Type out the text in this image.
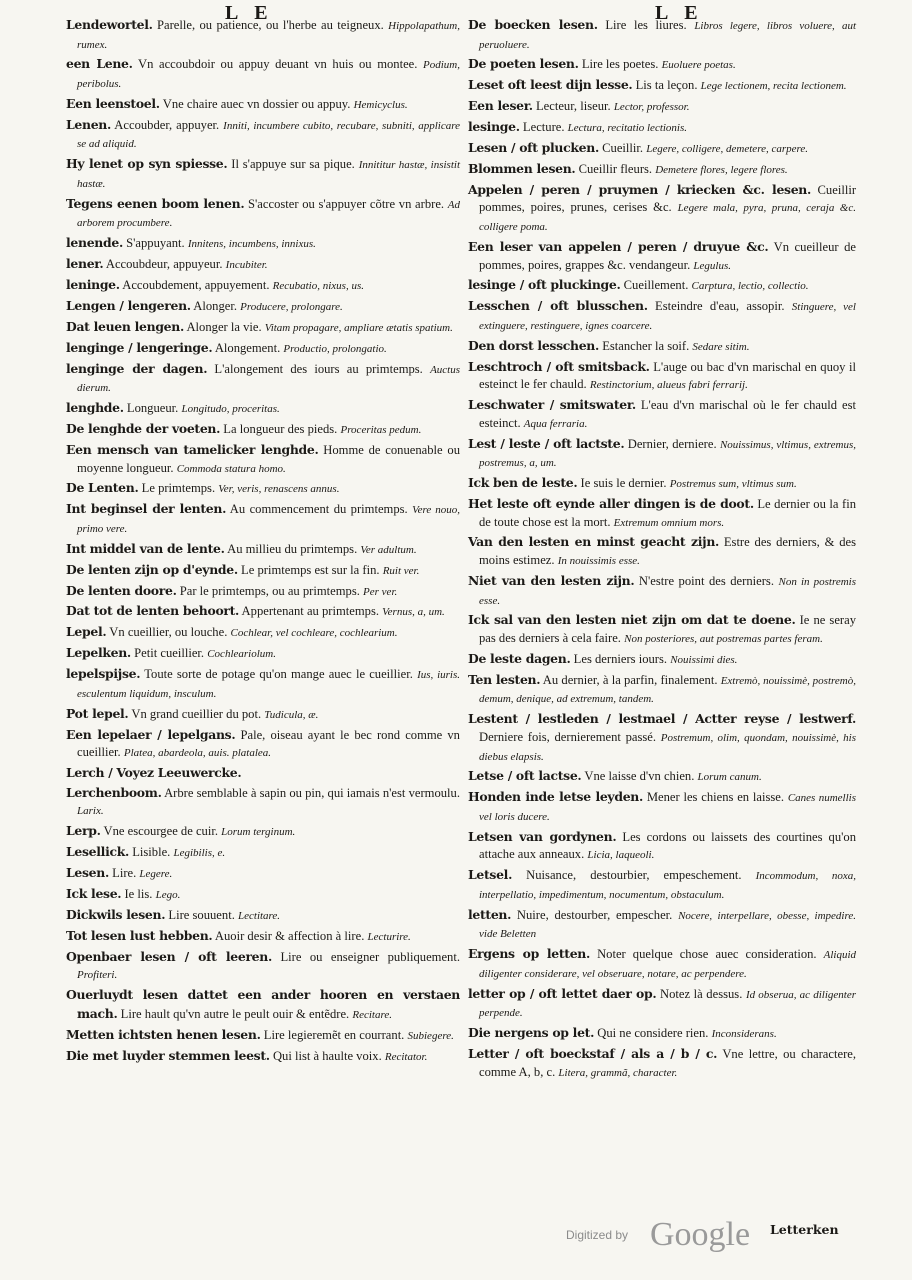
L E	L E

Lendewortel. Parelle, ou patience, ou l'herbe au teigneux. Hippolapathum, rumex.

een Lene. Vn accoubdoir ou appuy deuant vn huis ou montee. Podium, peribolus.

Een leenstoel. Vne chaire auec vn dossier ou appuy. Hemicyclus.

Lenen. Accoubder, appuyer. Inniti, incumbere cubito, recubare, subniti, applicare se ad aliquid.

Hy lenet op syn spiesse. Il s'appuye sur sa pique. Innititur hastæ, insistit hastæ.

Tegens eenen boom lenen. S'accoster ou s'appuyer cõtre vn arbre. Ad arborem procumbere.

lenende. S'appuyant. Innitens, incumbens, innixus.

lener. Accoubdeur, appuyeur. Incubiter.

leninge. Accoubdement, appuyement. Recubatio, nixus, us.

Lengen / lengeren. Alonger. Producere, prolongare.

Dat leuen lengen. Alonger la vie. Vitam propagare, ampliare ætatis spatium.

lenginge / lengeringe. Alongement. Productio, prolongatio.

lenginge der dagen. L'alongement des iours au primtemps. Auctus dierum.

lenghde. Longueur. Longitudo, proceritas.

De lenghde der voeten. La longueur des pieds. Proceritas pedum.

Een mensch van tamelicker lenghde. Homme de conuenable ou moyenne longueur. Commoda statura homo.

De Lenten. Le primtemps. Ver, veris, renascens annus.

Int beginsel der lenten. Au commencement du primtemps. Vere nouo, primo vere.

Int middel van de lente. Au millieu du primtemps. Ver adultum.

De lenten zijn op d'eynde. Le primtemps est sur la fin. Ruit ver.

De lenten doore. Par le primtemps, ou au primtemps. Per ver.

Dat tot de lenten behoort. Appertenant au primtemps. Vernus, a, um.

Lepel. Vn cueillier, ou louche. Cochlear, vel cochleare, cochlearium.

Lepelken. Petit cueillier. Cochleariolum.

lepelspijse. Toute sorte de potage qu'on mange auec le cueillier. Ius, iuris. esculentum liquidum, insculum.

Pot lepel. Vn grand cueillier du pot. Tudicula, æ.

Een lepelaer / lepelgans. Pale, oiseau ayant le bec rond comme vn cueillier. Platea, abardeola, auis. platalea.

Lerch / Voyez Leeuwercke.

Lerchenboom. Arbre semblable à sapin ou pin, qui iamais n'est vermoulu. Larix.

Lerp. Vne escourgee de cuir. Lorum terginum.

Lesellick. Lisible. Legibilis, e.

Lesen. Lire. Legere.

Ick lese. Ie lis. Lego.

Dickwils lesen. Lire souuent. Lectitare.

Tot lesen lust hebben. Auoir desir & affection à lire. Lecturire.

Openbaer lesen / oft leeren. Lire ou enseigner publiquement. Profiteri.

Ouerluydt lesen dattet een ander hooren en verstaen mach. Lire hault qu'vn autre le peult ouir & entẽdre. Recitare.

Metten ichtsten henen lesen. Lire legieremẽt en courrant. Subiegere.

Die met luyder stemmen leest. Qui list à haulte voix. Recitator.

De boecken lesen. Lire les liures. Libros legere, libros voluere, aut peruoluere.

De poeten lesen. Lire les poetes. Euoluere poetas.

Leset oft leest dijn lesse. Lis ta leçon. Lege lectionem, recita lectionem.

Een leser. Lecteur, liseur. Lector, professor.

lesinge. Lecture. Lectura, recitatio lectionis.

Lesen / oft plucken. Cueillir. Legere, colligere, demetere, carpere.

Blommen lesen. Cueillir fleurs. Demetere flores, legere flores.

Appelen / peren / pruymen / kriecken &c. lesen. Cueillir pommes, poires, prunes, cerises &c. Legere mala, pyra, pruna, ceraja &c. colligere poma.

Een leser van appelen / peren / druyue &c. Vn cueilleur de pommes, poires, grappes &c. vendangeur. Legulus.

lesinge / oft pluckinge. Cueillement. Carptura, lectio, collectio.

Lesschen / oft blusschen. Esteindre d'eau, assopir. Stinguere, vel extinguere, restinguere, ignes coarcere.

Den dorst lesschen. Estancher la soif. Sedare sitim.

Leschtroch / oft smitsback. L'auge ou bac d'vn marischal en quoy il esteinct le fer chauld. Restinctorium, alueus fabri ferrarij.

Leschwater / smitswater. L'eau d'vn marischal où le fer chauld est esteinct. Aqua ferraria.

Lest / leste / oft lactste. Dernier, derniere. Nouissimus, vltimus, extremus, postremus, a, um.

Ick ben de leste. Ie suis le dernier. Postremus sum, vltimus sum.

Het leste oft eynde aller dingen is de doot. Le dernier ou la fin de toute chose est la mort. Extremum omnium mors.

Van den lesten en minst geacht zijn. Estre des derniers, & des moins estimez. In nouissimis esse.

Niet van den lesten zijn. N'estre point des derniers. Non in postremis esse.

Ick sal van den lesten niet zijn om dat te doene. Ie ne seray pas des derniers à cela faire. Non posteriores, aut postremas partes feram.

De leste dagen. Les derniers iours. Nouissimi dies.

Ten lesten. Au dernier, à la parfin, finalement. Extremò, nouissimè, postremò, demum, denique, ad extremum, tandem.

Lestent / lestleden / lestmael / Actter reyse / lestwerf. Derniere fois, dernierement passé. Postremum, olim, quondam, nouissimè, his diebus elapsis.

Letse / oft lactse. Vne laisse d'vn chien. Lorum canum.

Honden inde letse leyden. Mener les chiens en laisse. Canes numellis vel loris ducere.

Letsen van gordynen. Les cordons ou laissets des courtines qu'on attache aux anneaux. Licia, laqueoli.

Letsel. Nuisance, destourbier, empeschement. Incommodum, noxa, interpellatio, impedimentum, nocumentum, obstaculum.

letten. Nuire, destourber, empescher. Nocere, interpellare, obesse, impedire. vide Beletten

Ergens op letten. Noter quelque chose auec consideration. Aliquid diligenter considerare, vel obseruare, notare, ac perpendere.

letter op / oft lettet daer op. Notez là dessus. Id obserua, ac diligenter perpende.

Die nergens op let. Qui ne considere rien. Inconsiderans.

Letter / oft boeckstaf / als a / b / c. Vne lettre, ou charactere, comme A, b, c. Litera, grammã, character.

Letterken
Digitized by Google
